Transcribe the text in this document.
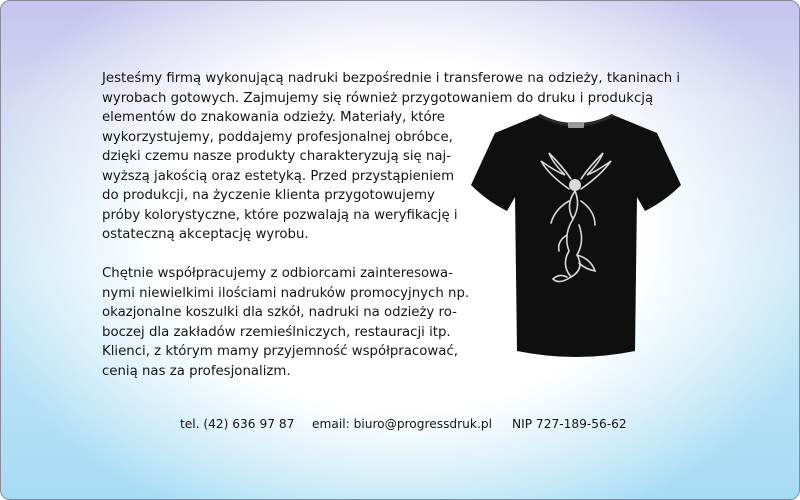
Jesteśmy firmą wykonującą nadruki bezpośrednie i transferowe na odzieży, tkaninach i
wyrobach gotowych. Zajmujemy się również przygotowaniem do druku i produkcją
elementów do znakowania odzieży. Materiały, które
wykorzystujemy, poddajemy profesjonalnej obróbce,
dzięki czemu nasze produkty charakteryzują się naj-
wyższą jakością oraz estetyką. Przed przystąpieniem
do produkcji, na życzenie klienta przygotowujemy
próby kolorystyczne, które pozwalają na weryfikację i
ostateczną akceptację wyrobu.
Chętnie współpracujemy z odbiorcami zainteresowa-
nymi niewielkimi ilościami nadruków promocyjnych np.
okazjonalne koszulki dla szkół, nadruki na odzieży ro-
boczej dla zakładów rzemieślniczych, restauracji itp.
Klienci, z którym mamy przyjemność współpracować,
cenią nas za profesjonalizm.
tel. (42) 636 97 87 email: biuro@progressdruk.pl NIP 727-189-56-62
